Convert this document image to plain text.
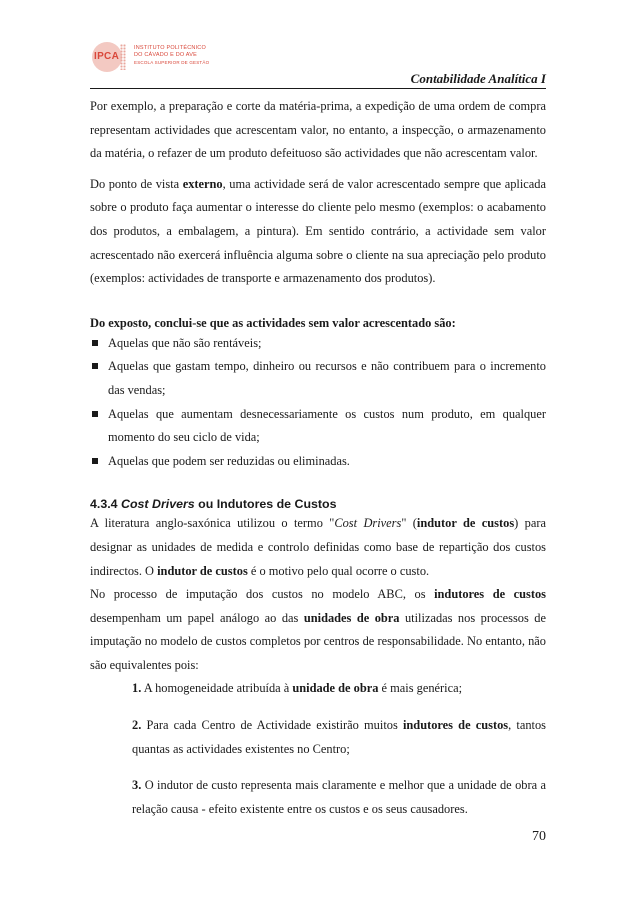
IPCA
INSTITUTO POLITÉCNICO
DO CÁVADO E DO AVE
ESCOLA SUPERIOR DE GESTÃO
Contabilidade Analítica I

Por exemplo, a preparação e corte da matéria-prima, a expedição de uma ordem de compra representam actividades que acrescentam valor, no entanto, a inspecção, o armazenamento da matéria, o refazer de um produto defeituoso são actividades que não acrescentam valor.

Do ponto de vista externo, uma actividade será de valor acrescentado sempre que aplicada sobre o produto faça aumentar o interesse do cliente pelo mesmo (exemplos: o acabamento dos produtos, a embalagem, a pintura). Em sentido contrário, a actividade sem valor acrescentado não exercerá influência alguma sobre o cliente na sua apreciação pelo produto (exemplos: actividades de transporte e armazenamento dos produtos).

Do exposto, conclui-se que as actividades sem valor acrescentado são:

Aquelas que não são rentáveis;
Aquelas que gastam tempo, dinheiro ou recursos e não contribuem para o incremento das vendas;
Aquelas que aumentam desnecessariamente os custos num produto, em qualquer momento do seu ciclo de vida;
Aquelas que podem ser reduzidas ou eliminadas.
4.3.4 Cost Drivers ou Indutores de Custos

A literatura anglo-saxónica utilizou o termo "Cost Drivers" (indutor de custos) para designar as unidades de medida e controlo definidas como base de repartição dos custos indirectos. O indutor de custos é o motivo pelo qual ocorre o custo.

No processo de imputação dos custos no modelo ABC, os indutores de custos desempenham um papel análogo ao das unidades de obra utilizadas nos processos de imputação no modelo de custos completos por centros de responsabilidade. No entanto, não são equivalentes pois:

1. A homogeneidade atribuída à unidade de obra é mais genérica;
2. Para cada Centro de Actividade existirão muitos indutores de custos, tantos quantas as actividades existentes no Centro;
3. O indutor de custo representa mais claramente e melhor que a unidade de obra a relação causa - efeito existente entre os custos e os seus causadores.
70
